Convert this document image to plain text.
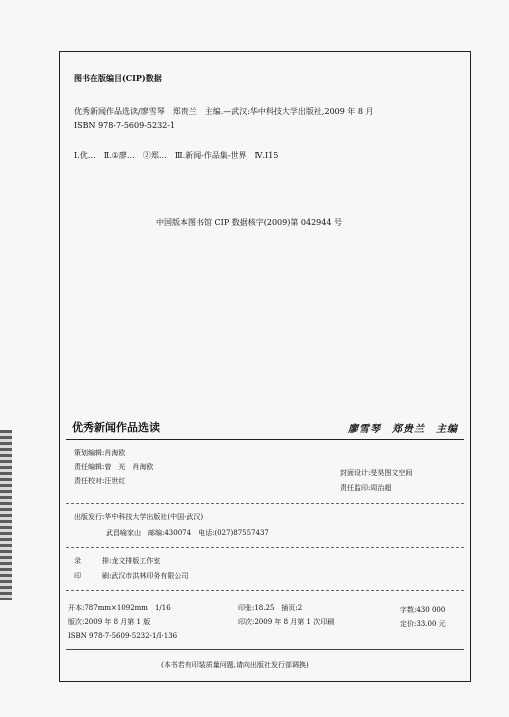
图书在版编目(CIP)数据
优秀新闻作品选读/廖雪琴　郑贵兰　主编.—武汉:华中科技大学出版社,2009 年 8 月
ISBN 978-7-5609-5232-1
Ⅰ.优…　Ⅱ.①廖…　②郑…　Ⅲ.新闻-作品集-世界　Ⅳ.I15
中国版本图书馆 CIP 数据核字(2009)第 042944 号
优秀新闻作品选读	廖雪琴　郑贵兰　主编
策划编辑:肖海欧
责任编辑:曾　光　肖海欧
责任校对:汪世红
封面设计:旻昊图文空间
责任监印:周治超
出版发行:华中科技大学出版社(中国·武汉)
武昌喻家山　邮编:430074　电话:(027)87557437
录	排:龙文排版工作室
印	刷:武汉市洪林印务有限公司
开本:787mm×1092mm　1/16	印张:18.25　插页:2	字数:430 000
版次:2009 年 8 月第 1 版	印次:2009 年 8 月第 1 次印刷	定价:33.00 元
ISBN 978-7-5609-5232-1/I·136
(本书若有印装质量问题,请向出版社发行部调换)
